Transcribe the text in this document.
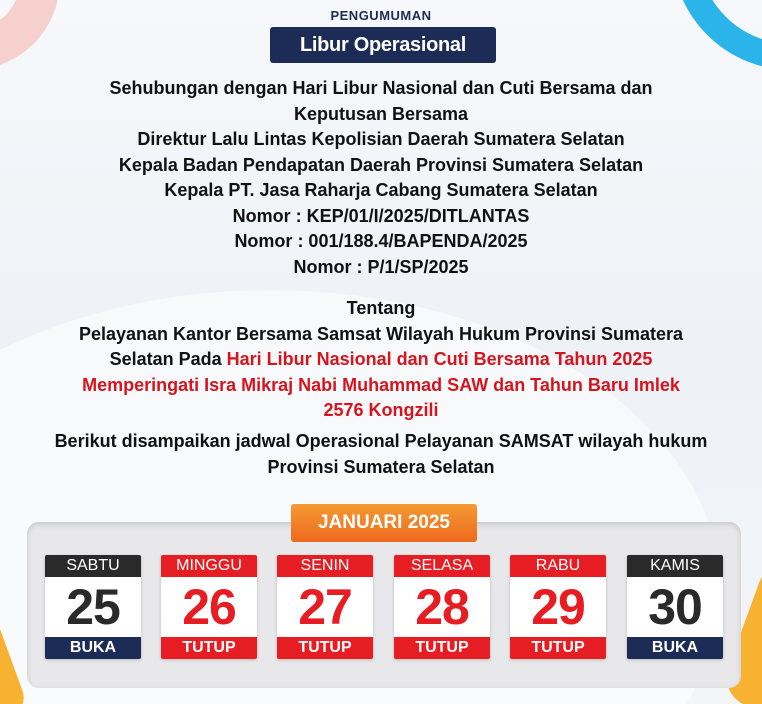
PENGUMUMAN
Libur Operasional
Sehubungan dengan Hari Libur Nasional dan Cuti Bersama dan
Keputusan Bersama
Direktur Lalu Lintas Kepolisian Daerah Sumatera Selatan
Kepala Badan Pendapatan Daerah Provinsi Sumatera Selatan
Kepala PT. Jasa Raharja Cabang Sumatera Selatan
Nomor : KEP/01/I/2025/DITLANTAS
Nomor : 001/188.4/BAPENDA/2025
Nomor : P/1/SP/2025
Tentang
Pelayanan Kantor Bersama Samsat Wilayah Hukum Provinsi Sumatera
Selatan Pada Hari Libur Nasional dan Cuti Bersama Tahun 2025
Memperingati Isra Mikraj Nabi Muhammad SAW dan Tahun Baru Imlek
2576 Kongzili
Berikut disampaikan jadwal Operasional Pelayanan SAMSAT wilayah hukum
Provinsi Sumatera Selatan
JANUARI 2025
SABTU
25
BUKA
MINGGU
26
TUTUP
SENIN
27
TUTUP
SELASA
28
TUTUP
RABU
29
TUTUP
KAMIS
30
BUKA
